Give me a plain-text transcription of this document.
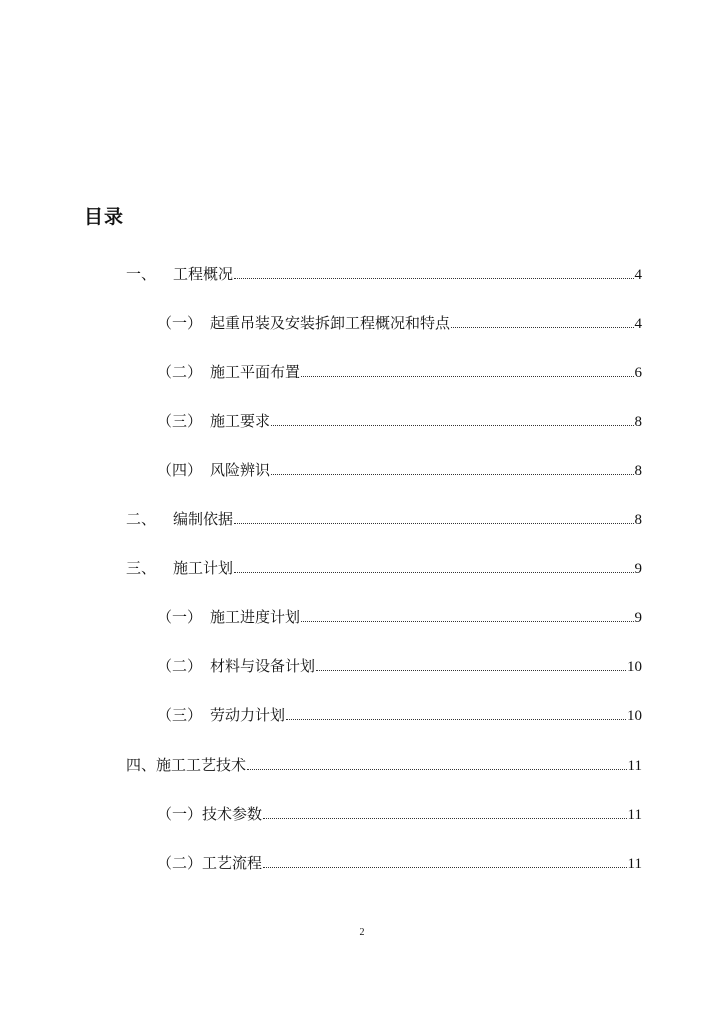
目录
一、 工程概况	4
（一） 起重吊装及安装拆卸工程概况和特点	4
（二） 施工平面布置	6
（三） 施工要求	8
（四） 风险辨识	8
二、 编制依据	8
三、 施工计划	9
（一） 施工进度计划	9
（二） 材料与设备计划	10
（三） 劳动力计划	10
四、 施工工艺技术	11
（一） 技术参数	11
（二） 工艺流程	11
2
